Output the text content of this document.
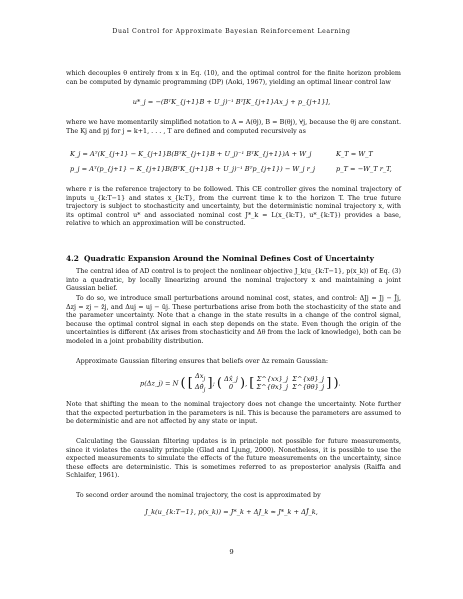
Dual Control for Approximate Bayesian Reinforcement Learning

which decouples θ entirely from x in Eq. (10), and the optimal control for the finite horizon problem can be computed by dynamic programming (DP) (Aoki, 1967), yielding an optimal linear control law

u*_j = −(BᵀK_{j+1}B + U_j)⁻¹ Bᵀ[K_{j+1}Ax_j + p_{j+1}],

where we have momentarily simplified notation to A = A(θj), B = B(θj), ∀j, because the θj are constant. The Kj and pj for j = k+1, . . . , T are defined and computed recursively as

K_j = Aᵀ(K_{j+1} − K_{j+1}B(BᵀK_{j+1}B + U_j)⁻¹ BᵀK_{j+1})A + W_j	K_T = W_T
p_j = Aᵀ(p_{j+1} − K_{j+1}B(BᵀK_{j+1}B + U_j)⁻¹ Bᵀp_{j+1}) − W_j r_j	p_T = −W_T r_T,

where r is the reference trajectory to be followed. This CE controller gives the nominal trajectory of inputs u_{k:T−1} and states x_{k:T}, from the current time k to the horizon T. The true future trajectory is subject to stochasticity and uncertainty, but the deterministic nominal trajectory x, with its optimal control u* and associated nominal cost J*_k = L(x_{k:T}, u*_{k:T}) provides a base, relative to which an approximation will be constructed.

4.2 Quadratic Expansion Around the Nominal Defines Cost of Uncertainty

The central idea of AD control is to project the nonlinear objective J_k(u_{k:T−1}, p(x_k)) of Eq. (3) into a quadratic, by locally linearizing around the nominal trajectory x and maintaining a joint Gaussian belief.

To do so, we introduce small perturbations around nominal cost, states, and control: ΔJj = Jj − J̄j, Δzj = zj − z̄j, and Δuj = uj − ūj. These perturbations arise from both the stochasticity of the state and the parameter uncertainty. Note that a change in the state results in a change of the control signal, because the optimal control signal in each step depends on the state. Even though the origin of the uncertainties is different (Δx arises from stochasticity and Δθ from the lack of knowledge), both can be modeled in a joint probability distribution.

Approximate Gaussian filtering ensures that beliefs over Δz remain Gaussian:

p(Δz_j) = N ( [ $\Delta x_j$
$\Delta\thetâ_j$ ]; ( Δx̂_j
0 ), [ Σ^{xx}_j Σ^{xθ}_j
Σ^{θx}_j Σ^{θθ}_j ] ).

Note that shifting the mean to the nominal trajectory does not change the uncertainty. Note further that the expected perturbation in the parameters is nil. This is because the parameters are assumed to be deterministic and are not affected by any state or input.

Calculating the Gaussian filtering updates is in principle not possible for future measurements, since it violates the causality principle (Glad and Ljung, 2000). Nonetheless, it is possible to use the expected measurements to simulate the effects of the future measurements on the uncertainty, since these effects are deterministic. This is sometimes referred to as preposterior analysis (Raiffa and Schlaifer, 1961).

To second order around the nominal trajectory, the cost is approximated by

J_k(u_{k:T−1}, p(x_k)) = J*_k + ΔJ_k ≈ J*_k + ΔĴ_k,
9
